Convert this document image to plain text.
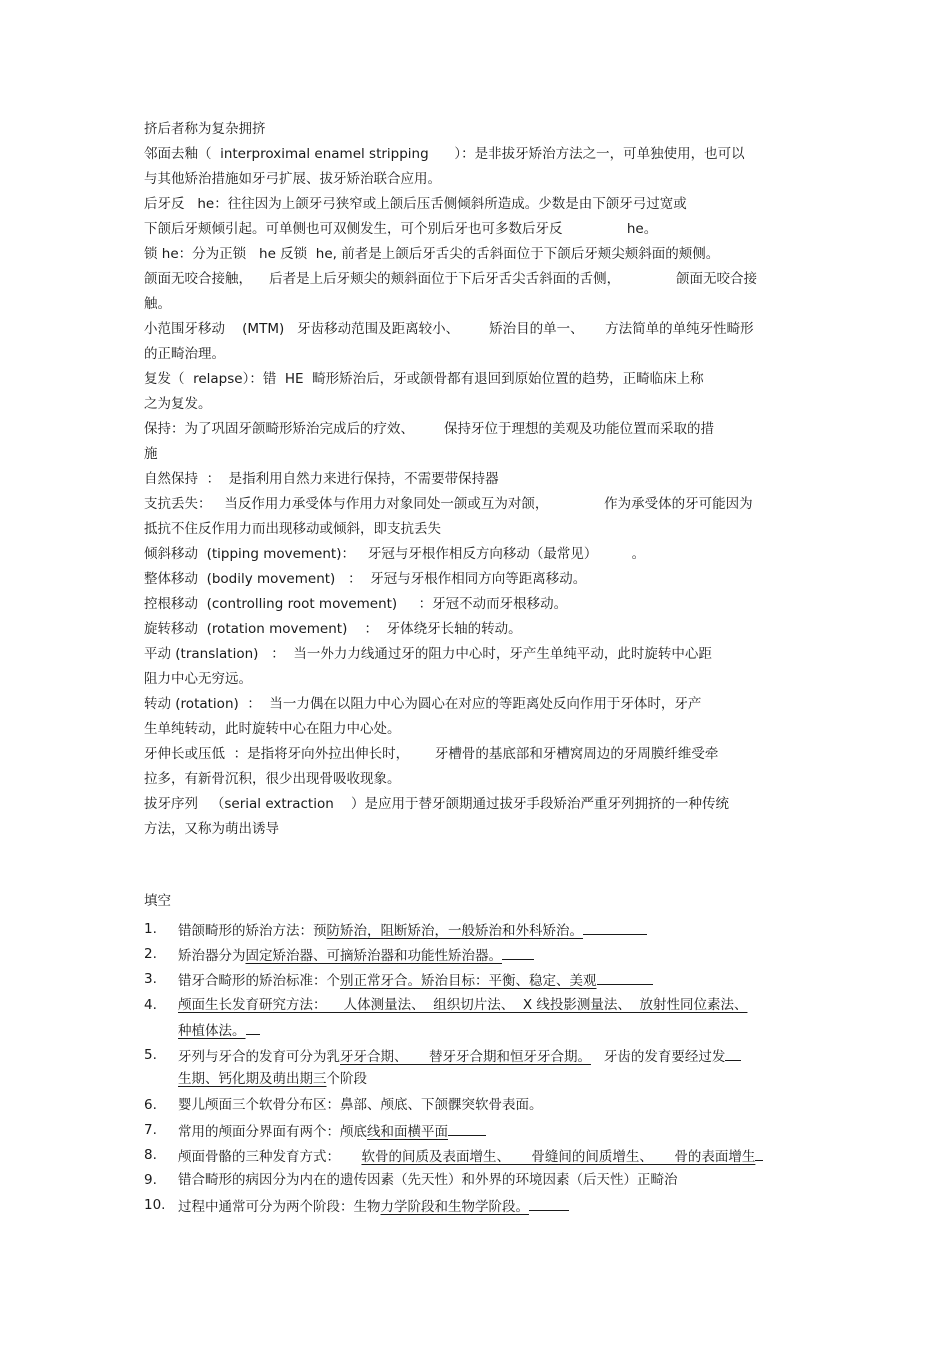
挤后者称为复杂拥挤
邻面去釉（  interproximal enamel stripping      ）：是非拔牙矫治方法之一，可单独使用，也可以
与其他矫治措施如牙弓扩展、拔牙矫治联合应用。
后牙反   he：往往因为上颌牙弓狭窄或上颌后压舌侧倾斜所造成。少数是由下颌牙弓过宽或
下颌后牙颊倾引起。可单侧也可双侧发生，可个别后牙也可多数后牙反               he。
锁 he：分为正锁   he 反锁  he, 前者是上颌后牙舌尖的舌斜面位于下颌后牙颊尖颊斜面的颊侧。
颌面无咬合接触，    后者是上后牙颊尖的颊斜面位于下后牙舌尖舌斜面的舌侧，             颌面无咬合接
触。
小范围牙移动    (MTM)   牙齿移动范围及距离较小、       矫治目的单一、     方法简单的单纯牙性畸形
的正畸治理。
复发（  relapse）：错  HE  畸形矫治后，牙或颌骨都有退回到原始位置的趋势，正畸临床上称
之为复发。
保持：为了巩固牙颌畸形矫治完成后的疗效、       保持牙位于理想的美观及功能位置而采取的措
施
自然保持  ：  是指利用自然力来进行保持，不需要带保持器
支抗丢失：   当反作用力承受体与作用力对象同处一颌或互为对颌，             作为承受体的牙可能因为
抵抗不住反作用力而出现移动或倾斜，即支抗丢失
倾斜移动  (tipping movement)：   牙冠与牙根作相反方向移动（最常见）        。
整体移动  (bodily movement)   ：  牙冠与牙根作相同方向等距离移动。
控根移动  (controlling root movement)     ：牙冠不动而牙根移动。
旋转移动  (rotation movement)    ：  牙体绕牙长轴的转动。
平动 (translation)   ：  当一外力力线通过牙的阻力中心时，牙产生单纯平动，此时旋转中心距
阻力中心无穷远。
转动 (rotation)  ：  当一力偶在以阻力中心为圆心在对应的等距离处反向作用于牙体时，牙产
生单纯转动，此时旋转中心在阻力中心处。
牙伸长或压低  ：是指将牙向外拉出伸长时，      牙槽骨的基底部和牙槽窝周边的牙周膜纤维受牵
拉多，有新骨沉积，很少出现骨吸收现象。
拔牙序列   （serial extraction    ）是应用于替牙颌期通过拔牙手段矫治严重牙列拥挤的一种传统
方法，又称为萌出诱导
填空
1. 错颌畸形的矫治方法：预防矫治，阻断矫治，一般矫治和外科矫治。
2. 矫治器分为固定矫治器、可摘矫治器和功能性矫治器。
3. 错牙合畸形的矫治标准：个别正常牙合。矫治目标：平衡、稳定、美观
4. 颅面生长发育研究方法：    人体测量法、  组织切片法、  X 线投影测量法、  放射性同位素法、
种植体法。
5. 牙列与牙合的发育可分为乳牙牙合期、     替牙牙合期和恒牙牙合期。   牙齿的发育要经过发
生期、钙化期及萌出期三个阶段
6. 婴儿颅面三个软骨分布区：鼻部、颅底、下颌髁突软骨表面。
7. 常用的颅面分界面有两个：颅底线和面横平面
8. 颅面骨骼的三种发育方式：     软骨的间质及表面增生、     骨缝间的间质增生、     骨的表面增生
9. 错合畸形的病因分为内在的遗传因素（先天性）和外界的环境因素（后天性）正畸治
10. 过程中通常可分为两个阶段：生物力学阶段和生物学阶段。
